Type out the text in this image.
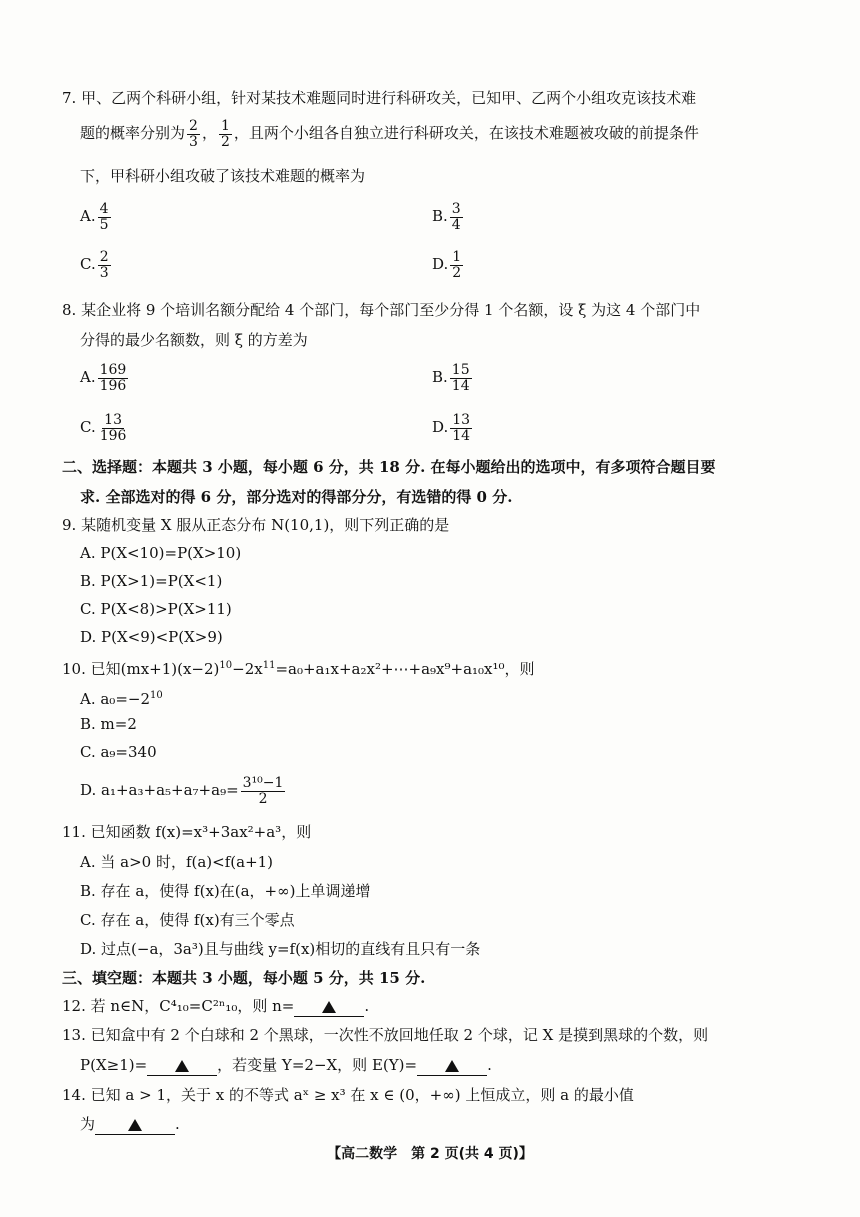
7. 甲、乙两个科研小组，针对某技术难题同时进行科研攻关，已知甲、乙两个小组攻克该技术难
题的概率分别为 $\frac{2}{3}$ ， $\frac{1}{2}$ ，且两个小组各自独立进行科研攻关，在该技术难题被攻破的前提条件
下，甲科研小组攻破了该技术难题的概率为
A. $\frac{4}{5}$	B. $\frac{3}{4}$
C. $\frac{2}{3}$	D. $\frac{1}{2}$
8. 某企业将 9 个培训名额分配给 4 个部门，每个部门至少分得 1 个名额，设 ξ 为这 4 个部门中
分得的最少名额数，则 ξ 的方差为
A. $\frac{169}{196}$	B. $\frac{15}{14}$
C. $\frac{13}{196}$	D. $\frac{13}{14}$
二、选择题：本题共 3 小题，每小题 6 分，共 18 分. 在每小题给出的选项中，有多项符合题目要
求. 全部选对的得 6 分，部分选对的得部分分，有选错的得 0 分.
9. 某随机变量 X 服从正态分布 N(10,1)，则下列正确的是
A. P(X<10)=P(X>10)
B. P(X>1)=P(X<1)
C. P(X<8)>P(X>11)
D. P(X<9)<P(X>9)
10. 已知$(mx+1)(x-2)^{10}-2x^{11}=a_0+a_1x+a_2x^2+\cdots+a_9x^9+a_{10}x^{10}$，则
A. $a_0=-2^{10}$
B. m=2
C. a₉=340
D. $a_1+a_3+a_5+a_7+a_9= \frac{\text{3¹⁰−1}}{2}$
11. 已知函数 f(x)=x³+3ax²+a³，则
A. 当 a>0 时，f(a)<f(a+1)
B. 存在 a，使得 f(x)在(a，+∞)上单调递增
C. 存在 a，使得 f(x)有三个零点
D. 过点(−a，3a³)且与曲线 y=f(x)相切的直线有且只有一条
三、填空题：本题共 3 小题，每小题 5 分，共 15 分.
12. 若 n∈N，C⁴₁₀=C²ⁿ₁₀，则 n=	.
13. 已知盒中有 2 个白球和 2 个黑球，一次性不放回地任取 2 个球，记 X 是摸到黑球的个数，则
P(X≥1)=	，若变量 Y=2−X，则 E(Y)=	.
14. 已知 a > 1，关于 x 的不等式 aˣ ≥ x³ 在 x ∈ (0，+∞) 上恒成立，则 a 的最小值
为	.
【高二数学　第 2 页(共 4 页)】
